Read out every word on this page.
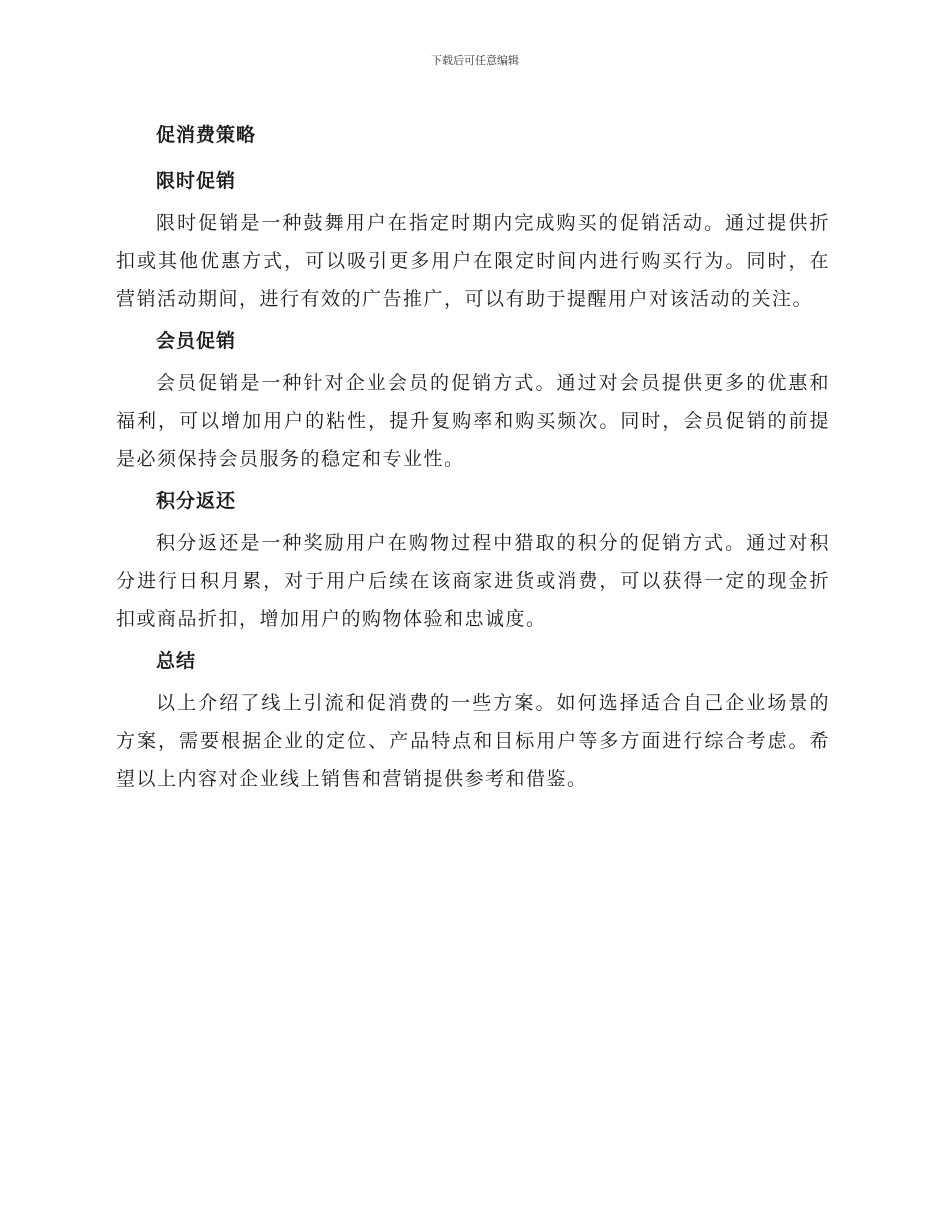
下载后可任意编辑
促消费策略
限时促销

限时促销是一种鼓舞用户在指定时期内完成购买的促销活动。通过提供折扣或其他优惠方式，可以吸引更多用户在限定时间内进行购买行为。同时，在营销活动期间，进行有效的广告推广，可以有助于提醒用户对该活动的关注。

会员促销

会员促销是一种针对企业会员的促销方式。通过对会员提供更多的优惠和福利，可以增加用户的粘性，提升复购率和购买频次。同时，会员促销的前提是必须保持会员服务的稳定和专业性。

积分返还

积分返还是一种奖励用户在购物过程中猎取的积分的促销方式。通过对积分进行日积月累，对于用户后续在该商家进货或消费，可以获得一定的现金折扣或商品折扣，增加用户的购物体验和忠诚度。

总结

以上介绍了线上引流和促消费的一些方案。如何选择适合自己企业场景的方案，需要根据企业的定位、产品特点和目标用户等多方面进行综合考虑。希望以上内容对企业线上销售和营销提供参考和借鉴。
